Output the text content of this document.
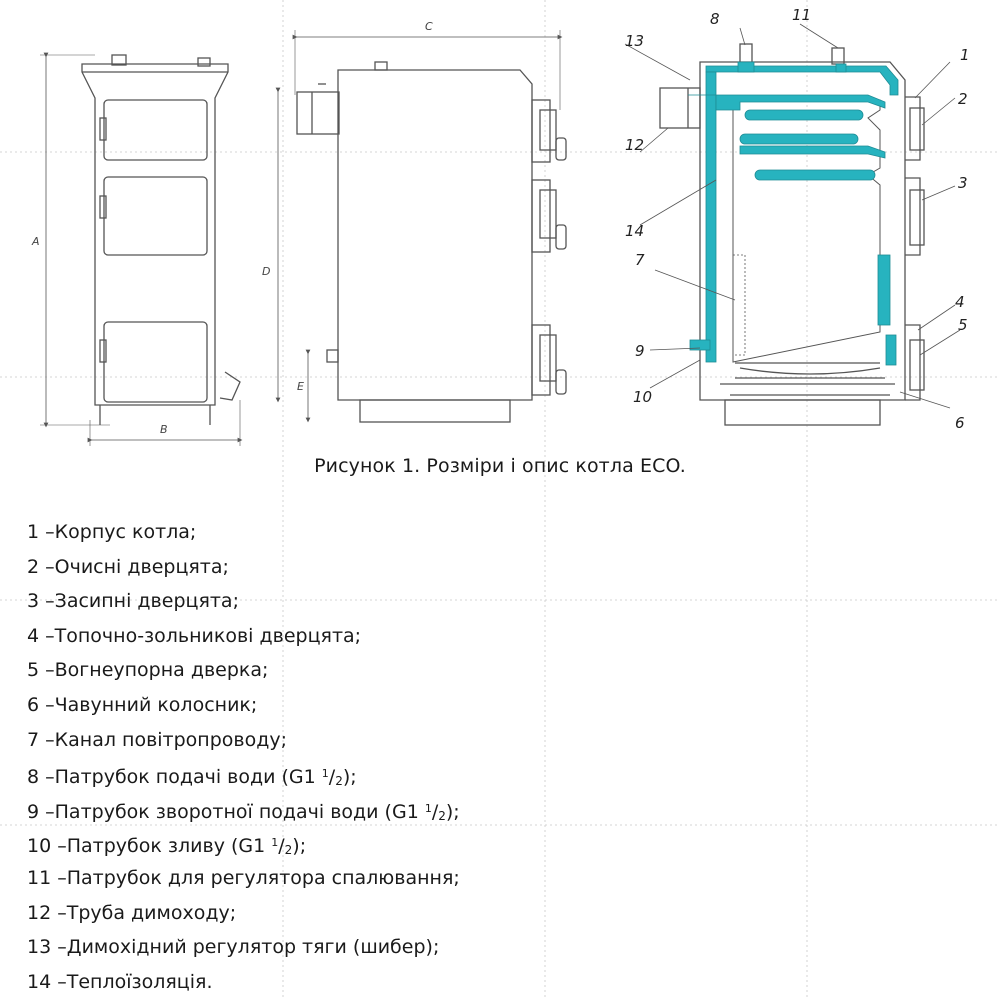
A
B
C
D
E
1
2
3
4
5
6
7
8
9
10
11
12
13
14
Рисунок 1. Розміри і опис котла ECO.
1 –Корпус котла;
2 –Очисні дверцята;
3 –Засипні дверцята;
4 –Топочно-зольникові дверцята;
5 –Вогнеупорна дверка;
6 –Чавунний колосник;
7 –Канал повітропроводу;
8 –Патрубок подачі води (G1 $^1/_2$);
9 –Патрубок зворотної подачі води (G1 $^1/_2$);
10 –Патрубок зливу (G1 $^1/_2$);
11 –Патрубок для регулятора спалювання;
12 –Труба димоходу;
13 –Димохідний регулятор тяги (шибер);
14 –Теплоїзоляція.
